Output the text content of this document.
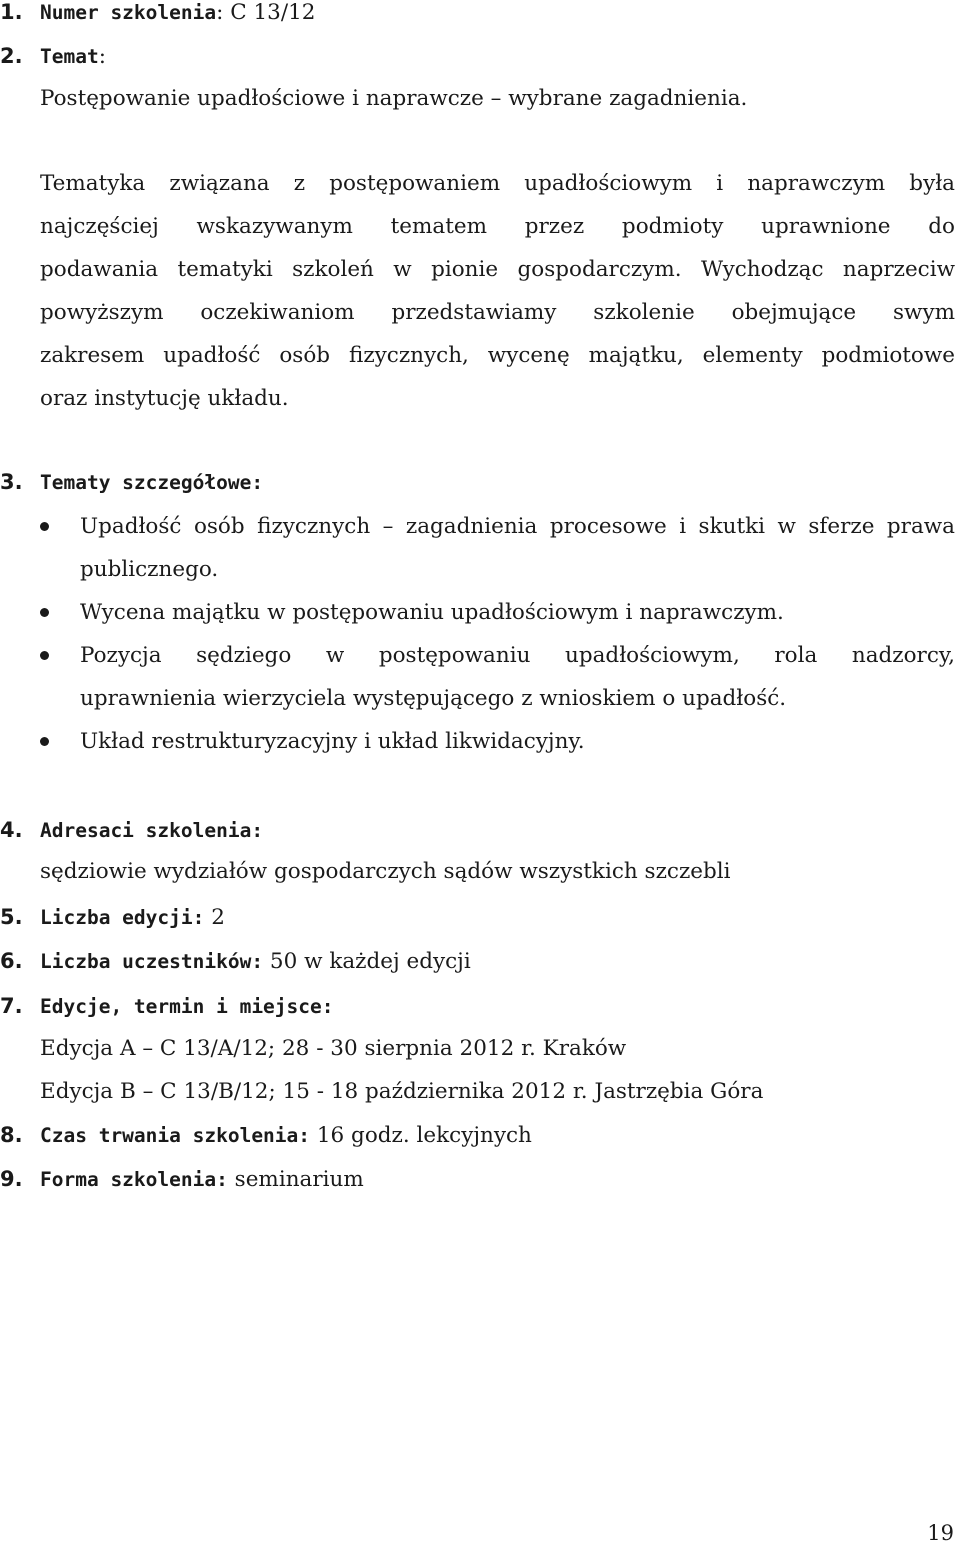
1. Numer szkolenia: C 13/12
2. Temat:
Postępowanie upadłościowe i naprawcze – wybrane zagadnienia.
Tematyka związana z postępowaniem upadłościowym i naprawczym była
najczęściej wskazywanym tematem przez podmioty uprawnione do
podawania tematyki szkoleń w pionie gospodarczym. Wychodząc naprzeciw
powyższym oczekiwaniom przedstawiamy szkolenie obejmujące swym
zakresem upadłość osób fizycznych, wycenę majątku, elementy podmiotowe
oraz instytucję układu.
3. Tematy szczegółowe:
Upadłość osób fizycznych – zagadnienia procesowe i skutki w sferze prawa
publicznego.
Wycena majątku w postępowaniu upadłościowym i naprawczym.
Pozycja sędziego w postępowaniu upadłościowym, rola nadzorcy,
uprawnienia wierzyciela występującego z wnioskiem o upadłość.
Układ restrukturyzacyjny i układ likwidacyjny.
4. Adresaci szkolenia:
sędziowie wydziałów gospodarczych sądów wszystkich szczebli
5. Liczba edycji: 2
6. Liczba uczestników: 50 w każdej edycji
7. Edycje, termin i miejsce:
Edycja A – C 13/A/12; 28 - 30 sierpnia 2012 r. Kraków
Edycja B – C 13/B/12; 15 - 18 października 2012 r. Jastrzębia Góra
8. Czas trwania szkolenia: 16 godz. lekcyjnych
9. Forma szkolenia: seminarium
19
